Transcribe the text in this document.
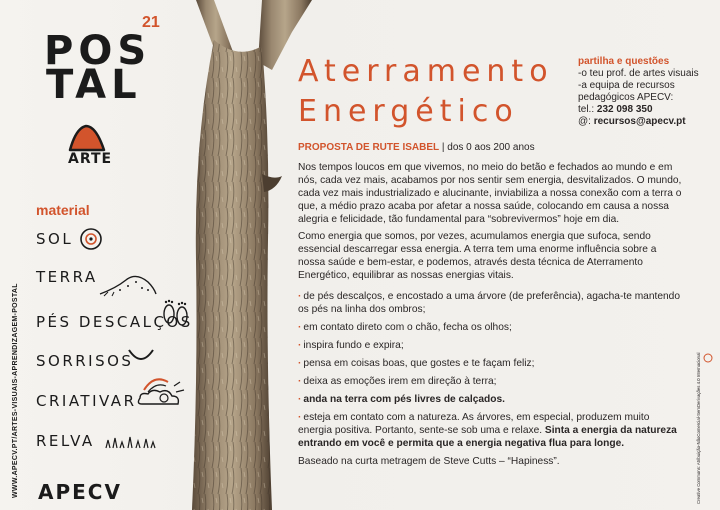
21
POS
TAL
ARTE
material
SOL
TERRA
PÉS DESCALÇOS
SORRISOS
CRIATIVAR
RELVA
WWW.APECV.PT/ARTES-VISUAIS-APRENDIZAGEM-POSTAL APECV
Aterramento
Energético
partilha e questões
-o teu prof. de artes visuais
-a equipa de recursos
pedagógicos APECV:
tel.: 232 098 350
@: recursos@apecv.pt
PROPOSTA DE RUTE ISABEL | dos 0 aos 200 anos

Nos tempos loucos em que vivemos, no meio do betão e fechados ao mundo e em nós, cada vez mais, acabamos por nos sentir sem energia, desvitalizados. O mundo, cada vez mais industrializado e alucinante, inviabiliza a nossa conexão com a terra o que, a médio prazo acaba por afetar a nossa saúde, colocando em causa a nossa alegria e felicidade, tão fundamental para “sobrevivermos” hoje em dia.

Como energia que somos, por vezes, acumulamos energia que sufoca, sendo essencial descarregar essa energia. A terra tem uma enorme influência sobre a nossa saúde e bem-estar, e podemos, através desta técnica de Aterramento Energético, equilibrar as nossas energias vitais.

· de pés descalços, e encostado a uma árvore (de preferência), agacha-te mantendo os pés na linha dos ombros;
· em contato direto com o chão, fecha os olhos;
· inspira fundo e expira;
· pensa em coisas boas, que gostes e te façam feliz;
· deixa as emoções irem em direção à terra;
· anda na terra com pés livres de calçados.
· esteja em contato com a natureza. As árvores, em especial, produzem muito energia positiva. Portanto, sente-se sob uma e relaxe. Sinta a energia da natureza entrando em você e permita que a energia negativa flua para longe.

Baseado na curta metragem de Steve Cutts – “Hapiness”.	Creative Commons: Atribuição-NãoComercial-SemDerivações 4.0 Internacional
